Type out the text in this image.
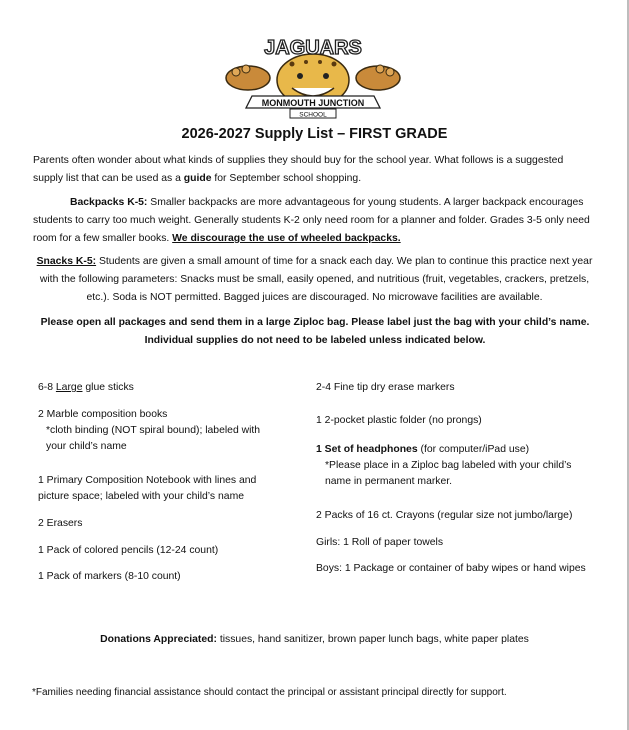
JAGUARS
MONMOUTH JUNCTION
SCHOOL
2026-2027 Supply List – FIRST GRADE
Parents often wonder about what kinds of supplies they should buy for the school year. What follows is a suggested supply list that can be used as a guide for September school shopping.
Backpacks K-5: Smaller backpacks are more advantageous for young students. A larger backpack encourages students to carry too much weight. Generally students K-2 only need room for a planner and folder. Grades 3-5 only need room for a few smaller books. We discourage the use of wheeled backpacks.
Snacks K-5: Students are given a small amount of time for a snack each day. We plan to continue this practice next year with the following parameters: Snacks must be small, easily opened, and nutritious (fruit, vegetables, crackers, pretzels, etc.). Soda is NOT permitted. Bagged juices are discouraged. No microwave facilities are available.
Please open all packages and send them in a large Ziploc bag. Please label just the bag with your child’s name.
Individual supplies do not need to be labeled unless indicated below.
6-8 Large glue sticks
2 Marble composition books
*cloth binding (NOT spiral bound); labeled with
your child’s name
1 Primary Composition Notebook with lines and
picture space; labeled with your child’s name
2 Erasers
1 Pack of colored pencils (12-24 count)
1 Pack of markers (8-10 count)
2-4 Fine tip dry erase markers
1 2-pocket plastic folder (no prongs)
1 Set of headphones (for computer/iPad use)
*Please place in a Ziploc bag labeled with your child’s
name in permanent marker.
2 Packs of 16 ct. Crayons (regular size not jumbo/large)
Girls: 1 Roll of paper towels
Boys: 1 Package or container of baby wipes or hand wipes
Donations Appreciated: tissues, hand sanitizer, brown paper lunch bags, white paper plates
*Families needing financial assistance should contact the principal or assistant principal directly for support.
